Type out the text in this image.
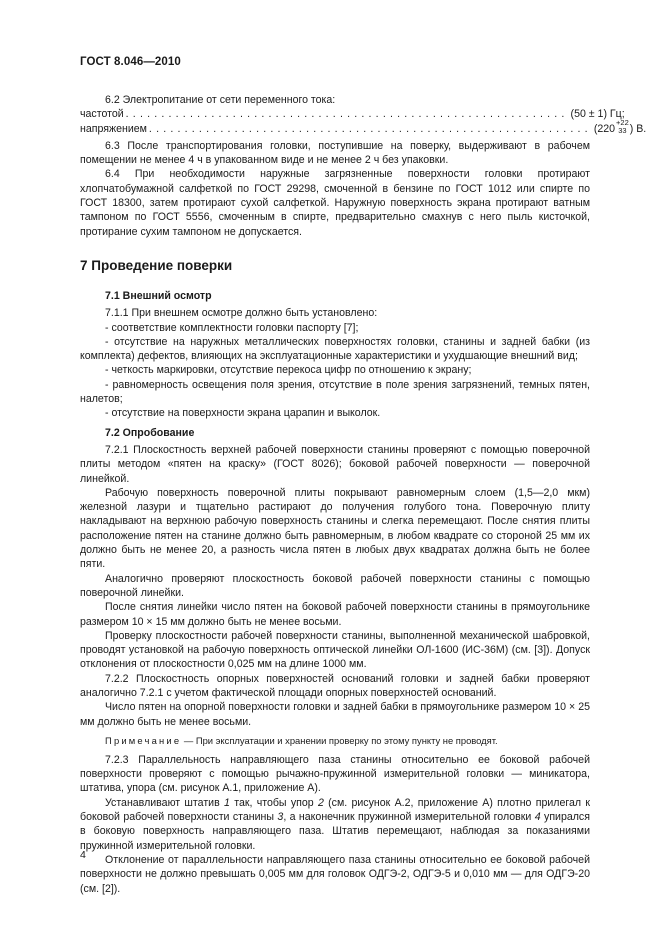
ГОСТ 8.046—2010

6.2 Электропитание от сети переменного тока:

частотой .............................................................. (50 ± 1) Гц;
напряжением .............................................................. (220
+22
33 ) В.

6.3 После транспортирования головки, поступившие на поверку, выдерживают в рабочем помещении не менее 4 ч в упакованном виде и не менее 2 ч без упаковки.

6.4 При необходимости наружные загрязненные поверхности головки протирают хлопчатобумажной салфеткой по ГОСТ 29298, смоченной в бензине по ГОСТ 1012 или спирте по ГОСТ 18300, затем протирают сухой салфеткой. Наружную поверхность экрана протирают ватным тампоном по ГОСТ 5556, смоченным в спирте, предварительно смахнув с него пыль кисточкой, протирание сухим тампоном не допускается.

7 Проведение поверки

7.1 Внешний осмотр

7.1.1 При внешнем осмотре должно быть установлено:

- соответствие комплектности головки паспорту [7];

- отсутствие на наружных металлических поверхностях головки, станины и задней бабки (из комплекта) дефектов, влияющих на эксплуатационные характеристики и ухудшающие внешний вид;

- четкость маркировки, отсутствие перекоса цифр по отношению к экрану;

- равномерность освещения поля зрения, отсутствие в поле зрения загрязнений, темных пятен, налетов;

- отсутствие на поверхности экрана царапин и выколок.

7.2 Опробование

7.2.1 Плоскостность верхней рабочей поверхности станины проверяют с помощью поверочной плиты методом «пятен на краску» (ГОСТ 8026); боковой рабочей поверхности — поверочной линейкой.

Рабочую поверхность поверочной плиты покрывают равномерным слоем (1,5—2,0 мкм) железной лазури и тщательно растирают до получения голубого тона. Поверочную плиту накладывают на верхнюю рабочую поверхность станины и слегка перемещают. После снятия плиты расположение пятен на станине должно быть равномерным, в любом квадрате со стороной 25 мм их должно быть не менее 20, а разность числа пятен в любых двух квадратах должна быть не более пяти.

Аналогично проверяют плоскостность боковой рабочей поверхности станины с помощью поверочной линейки.

После снятия линейки число пятен на боковой рабочей поверхности станины в прямоугольнике размером 10 × 15 мм должно быть не менее восьми.

Проверку плоскостности рабочей поверхности станины, выполненной механической шабровкой, проводят установкой на рабочую поверхность оптической линейки ОЛ-1600 (ИС-36М) (см. [3]). Допуск отклонения от плоскостности 0,025 мм на длине 1000 мм.

7.2.2 Плоскостность опорных поверхностей оснований головки и задней бабки проверяют аналогично 7.2.1 с учетом фактической площади опорных поверхностей оснований.

Число пятен на опорной поверхности головки и задней бабки в прямоугольнике размером 10 × 25 мм должно быть не менее восьми.

Примечание — При эксплуатации и хранении проверку по этому пункту не проводят.

7.2.3 Параллельность направляющего паза станины относительно ее боковой рабочей поверхности проверяют с помощью рычажно-пружинной измерительной головки — миникатора, штатива, упора (см. рисунок А.1, приложение А).

Устанавливают штатив 1 так, чтобы упор 2 (см. рисунок А.2, приложение А) плотно прилегал к боковой рабочей поверхности станины 3, а наконечник пружинной измерительной головки 4 упирался в боковую поверхность направляющего паза. Штатив перемещают, наблюдая за показаниями пружинной измерительной головки.

Отклонение от параллельности направляющего паза станины относительно ее боковой рабочей поверхности не должно превышать 0,005 мм для головок ОДГЭ-2, ОДГЭ-5 и 0,010 мм — для ОДГЭ-20 (см. [2]).

4
